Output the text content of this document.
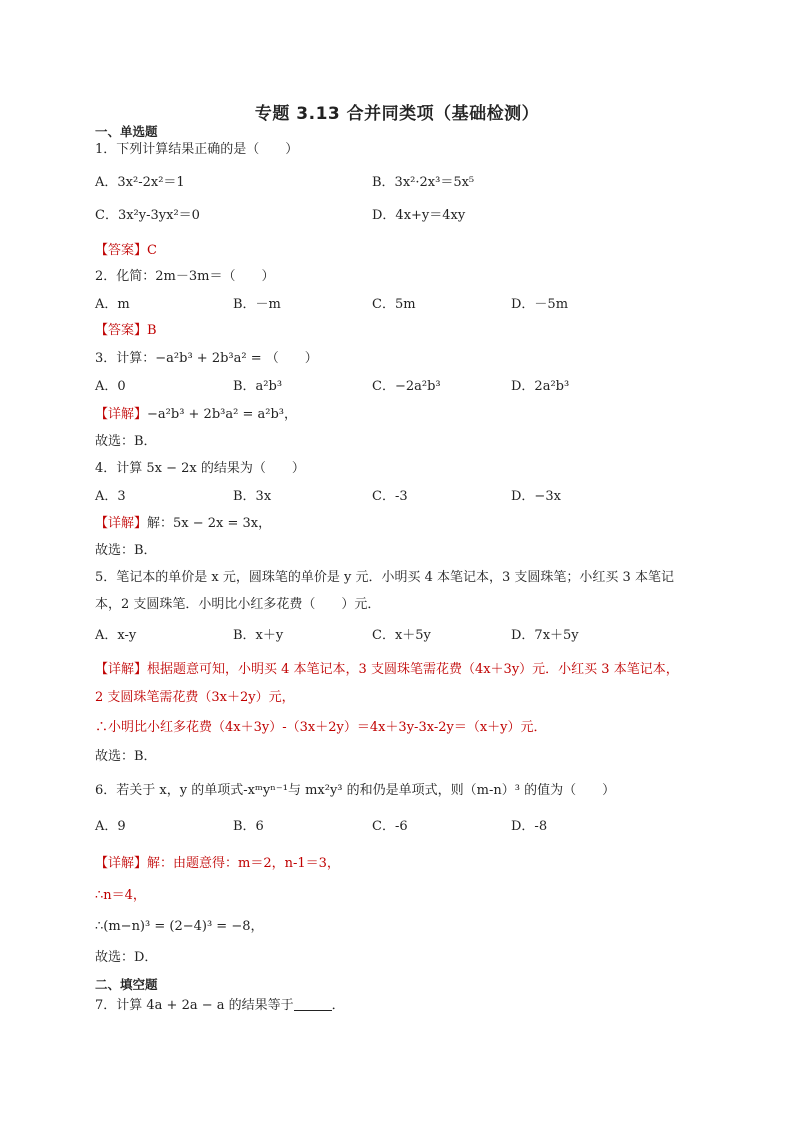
专题 3.13 合并同类项（基础检测）
一、单选题
1．下列计算结果正确的是（　　）
A．3x²-2x²＝1	B．3x²·2x³＝5x⁵
C．3x²y-3yx²＝0	D．4x+y＝4xy
【答案】C
2．化简：2m－3m＝（　　）
A．m	B．－m	C．5m	D．－5m
【答案】B
3．计算：−a²b³ + 2b³a² = （　　）
A．0	B．a²b³	C．−2a²b³	D．2a²b³
【详解】−a²b³ + 2b³a² = a²b³，
故选：B．
4．计算 5x − 2x 的结果为（　　）
A．3	B．3x	C．-3	D．−3x
【详解】解：5x − 2x = 3x，
故选：B．
5．笔记本的单价是 x 元，圆珠笔的单价是 y 元．小明买 4 本笔记本，3 支圆珠笔；小红买 3 本笔记
本，2 支圆珠笔．小明比小红多花费（　　）元．
A．x-y	B．x＋y	C．x＋5y	D．7x＋5y
【详解】根据题意可知，小明买 4 本笔记本，3 支圆珠笔需花费（4x＋3y）元．小红买 3 本笔记本，
2 支圆珠笔需花费（3x＋2y）元，
∴小明比小红多花费（4x＋3y）-（3x＋2y）＝4x＋3y-3x-2y＝（x＋y）元．
故选：B．
6．若关于 x，y 的单项式-xᵐyⁿ⁻¹与 mx²y³ 的和仍是单项式，则（m-n）³ 的值为（　　）
A．9	B．6	C．-6	D．-8
【详解】解：由题意得：m＝2，n-1＝3，
∴n＝4，
∴(m−n)³ = (2−4)³ = −8，
故选：D．
二、填空题
7．计算 4a + 2a − a 的结果等于	．
